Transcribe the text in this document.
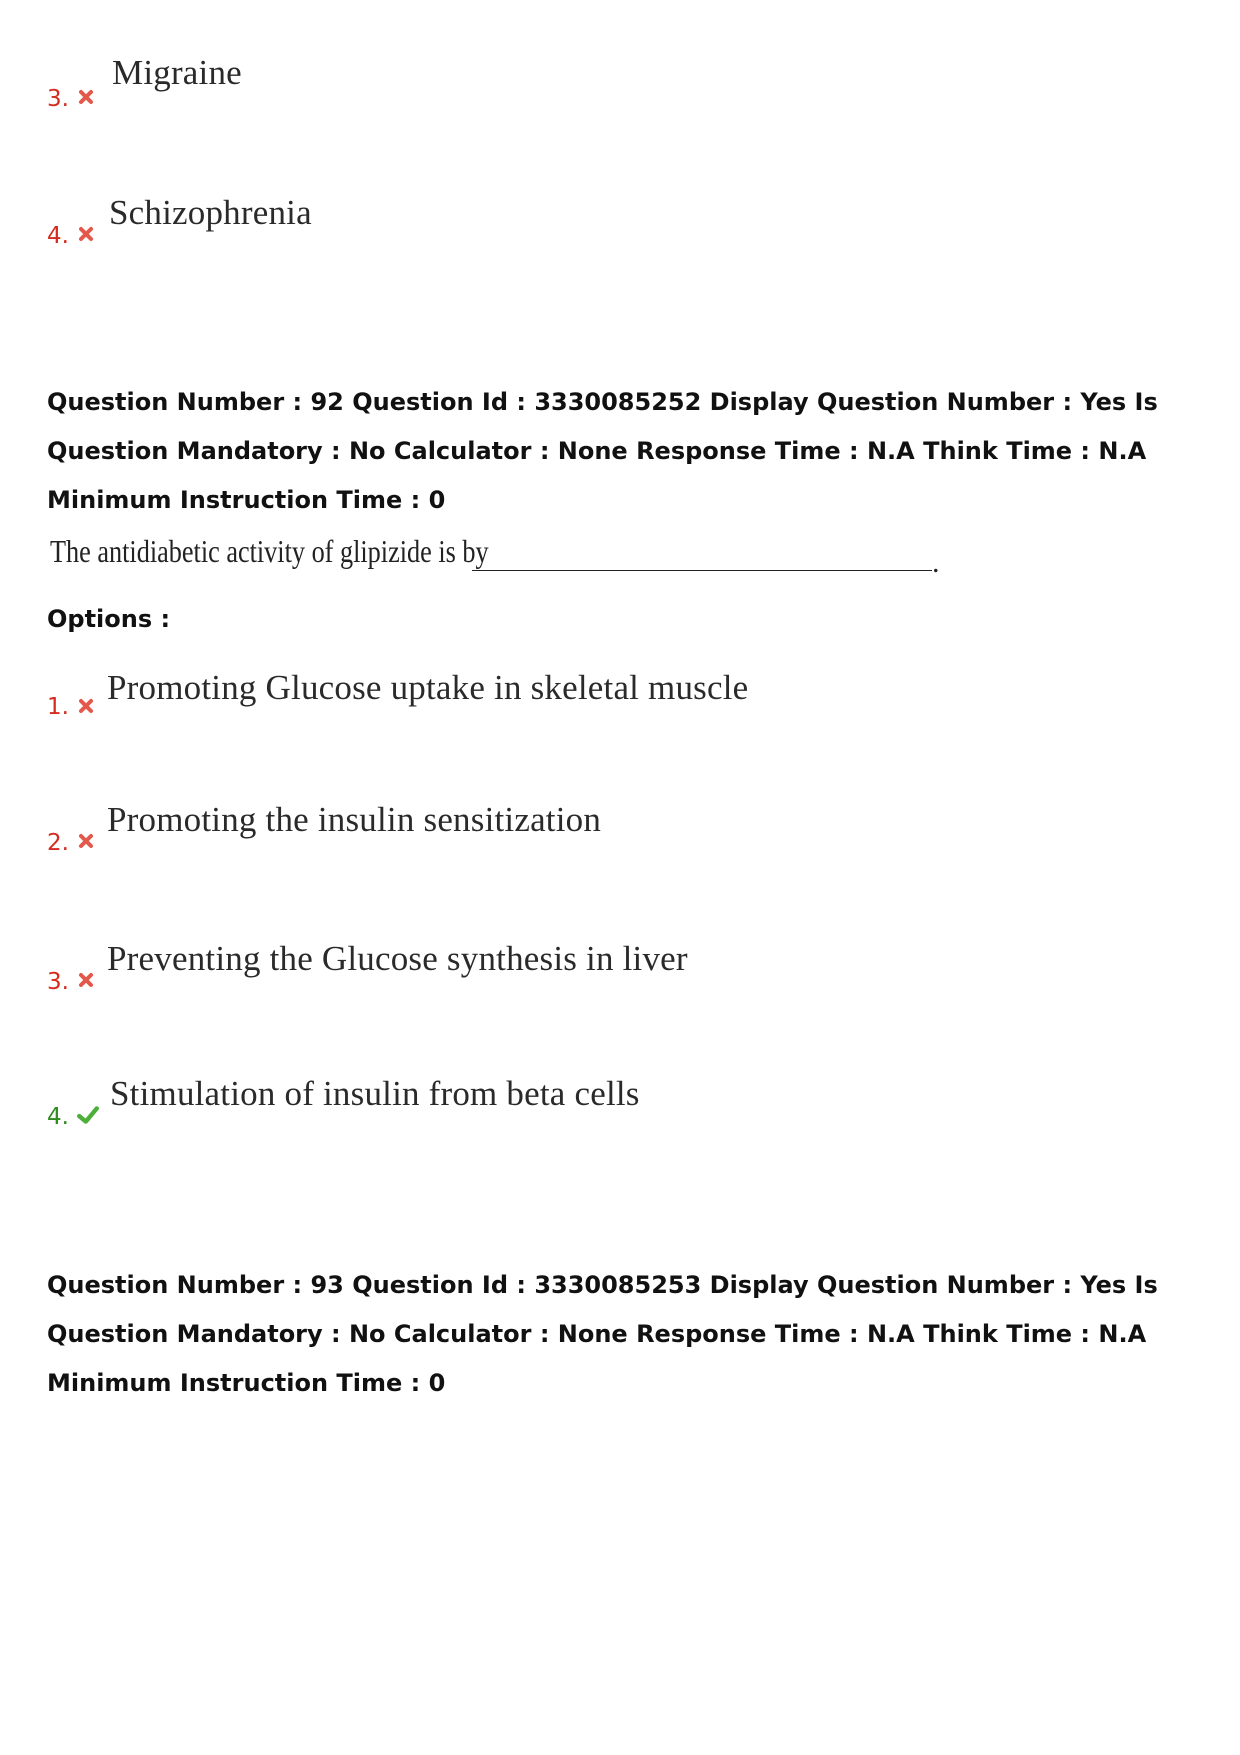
3.
Migraine
4.
Schizophrenia
Question Number : 92 Question Id : 3330085252 Display Question Number : Yes Is Question Mandatory : No Calculator : None Response Time : N.A Think Time : N.A Minimum Instruction Time : 0
The antidiabetic activity of glipizide is by	.
Options :
1. Promoting Glucose uptake in skeletal muscle
2.
Promoting the insulin sensitization
3.
Preventing the Glucose synthesis in liver
4.
Stimulation of insulin from beta cells
Question Number : 93 Question Id : 3330085253 Display Question Number : Yes Is Question Mandatory : No Calculator : None Response Time : N.A Think Time : N.A Minimum Instruction Time : 0
